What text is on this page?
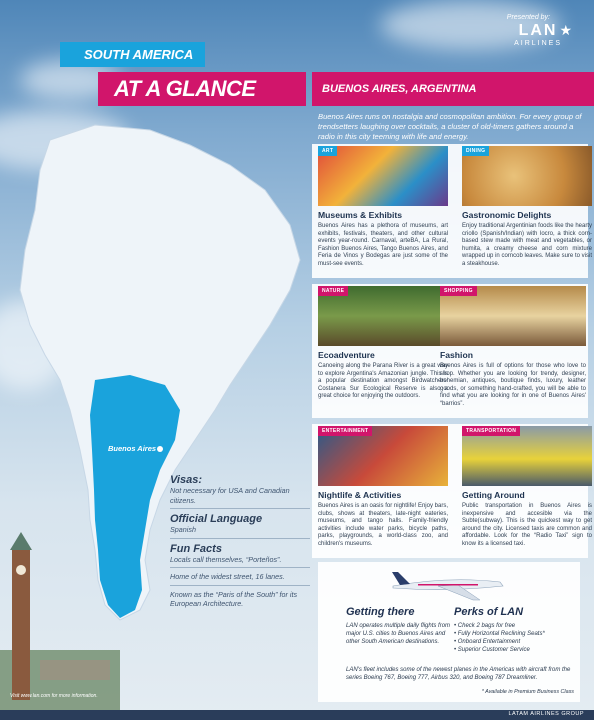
Buenos Aires
Presented by:
LAN
AIRLINES
★
SOUTH AMERICA
AT A GLANCE	BUENOS AIRES, ARGENTINA
Buenos Aires runs on nostalgia and cosmopolitan ambition. For every group of trendsetters laughing over cocktails, a cluster of old-timers gathers around a radio in this city teeming with life and energy.
ART
Museums & Exhibits

Buenos Aires has a plethora of museums, art exhibits, festivals, theaters, and other cultural events year-round. Carnaval, arteBA, La Rural, Fashion Buenos Aires, Tango Buenos Aires, and Feria de Vinos y Bodegas are just some of the must-see events.

DINING
Gastronomic Delights

Enjoy traditional Argentinian foods like the hearty criollo (Spanish/Indian) with locro, a thick corn-based stew made with meat and vegetables, or humita, a creamy cheese and corn mixture wrapped up in corncob leaves. Make sure to visit a steakhouse.

NATURE
Ecoadventure

Canoeing along the Parana River is a great way to explore Argentina's Amazonian jungle. This is a popular destination amongst Birdwatchers. Costanera Sur Ecological Reserve is also a great choice for enjoying the outdoors.

SHOPPING
Fashion

Buenos Aires is full of options for those who love to shop. Whether you are looking for trendy, designer, bohemian, antiques, boutique finds, luxury, leather goods, or something hand-crafted, you will be able to find what you are looking for in one of Buenos Aires' “barrios”.

ENTERTAINMENT
Nightlife & Activities

Buenos Aires is an oasis for nightlife! Enjoy bars, clubs, shows at theaters, late-night eateries, museums, and tango halls. Family-friendly activities include water parks, bicycle paths, parks, playgrounds, a world-class zoo, and children's museums.

TRANSPORTATION
Getting Around

Public transportation in Buenos Aires is inexpensive and accesible via the Subte(subway). This is the quickest way to get around the city. Licensed taxis are common and affordable. Look for the “Radio Taxi” sign to know its a licensed taxi.

Visas:

Not necessary for USA and Canadian citizens.

Official Language

Spanish

Fun Facts

Locals call themselves, “Porteños”.

Home of the widest street, 16 lanes.

Known as the “Paris of the South” for its European Architecture.

Getting there

LAN operates multiple daily flights from major U.S. cities to Buenos Aires and other South American destinations.

Perks of LAN
• Check 2 bags for free
• Fully Horizontal Reclining Seats*
• Onboard Entertainment
• Superior Customer Service

LAN's fleet includes some of the newest planes in the Americas with aircraft from the series Boeing 767, Boeing 777, Airbus 320, and Boeing 787 Dreamliner.

* Available in Premium Business Class

Visit www.lan.com for more information.
LATAM AIRLINES GROUP
